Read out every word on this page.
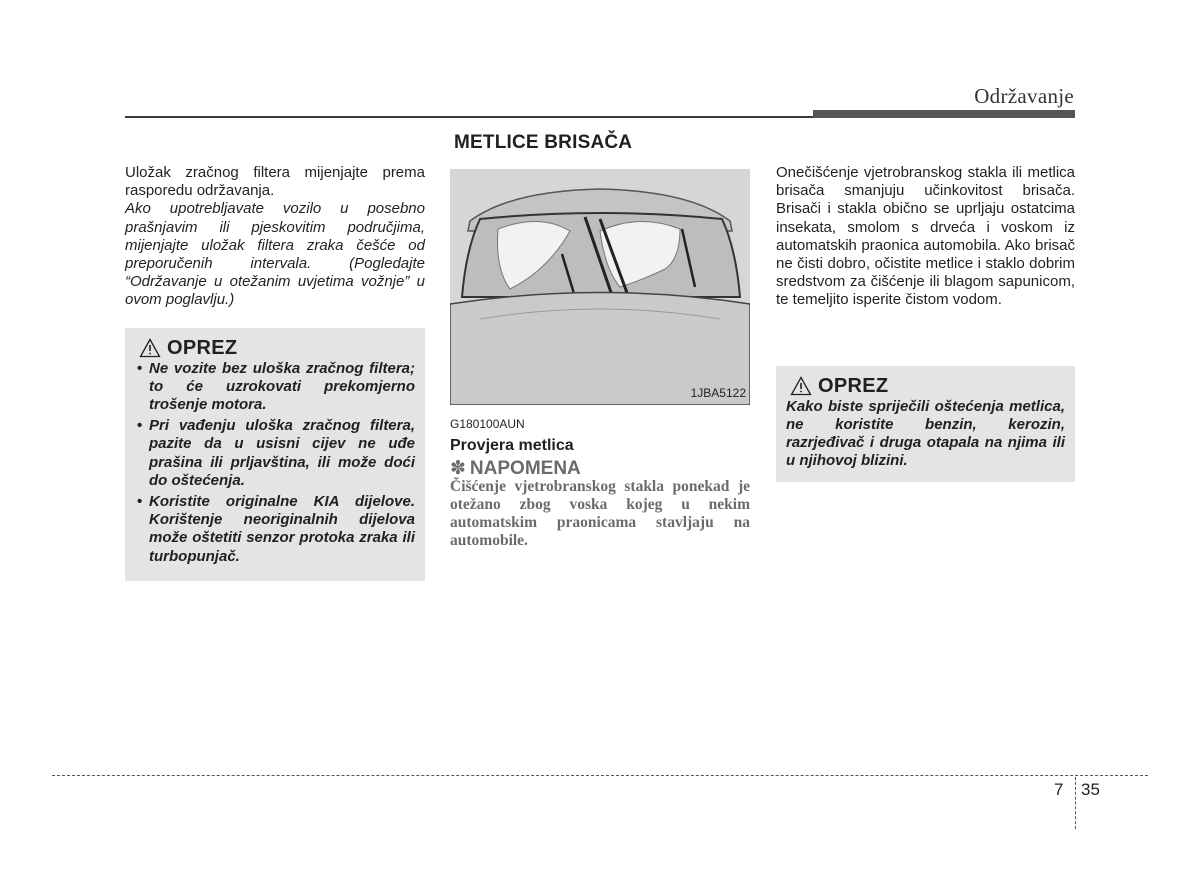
Održavanje

Uložak zračnog filtera mijenjajte prema rasporedu održavanja.

Ako upotrebljavate vozilo u posebno prašnjavim ili pjeskovitim područjima, mijenjajte uložak filtera zraka češće od preporučenih intervala. (Pogledajte “Održavanje u otežanim uvjetima vožnje” u ovom poglavlju.)

OPREZ
• Ne vozite bez uloška zračnog filtera; to će uzrokovati prekomjerno trošenje motora.
• Pri vađenju uloška zračnog filtera, pazite da u usisni cijev ne uđe prašina ili prljavština, ili može doći do oštećenja.
• Koristite originalne KIA dijelove. Korištenje neoriginalnih dijelova može oštetiti senzor protoka zraka ili turbopunjač.
METLICE BRISAČA
1JBA5122
G180100AUN
Provjera metlica
✽ NAPOMENA

Čišćenje vjetrobranskog stakla ponekad je otežano zbog voska kojeg u nekim automatskim praonicama stavljaju na automobile.

Onečišćenje vjetrobranskog stakla ili metlica brisača smanjuju učinkovitost brisača. Brisači i stakla obično se uprljaju ostatcima insekata, smolom s drveća i voskom iz automatskih praonica automobila. Ako brisač ne čisti dobro, očistite metlice i staklo dobrim sredstvom za čišćenje ili blagom sapunicom, te temeljito isperite čistom vodom.

OPREZ

Kako biste spriječili oštećenja metlica, ne koristite benzin, kerozin, razrjeđivač i druga otapala na njima ili u njihovoj blizini.

7 35
